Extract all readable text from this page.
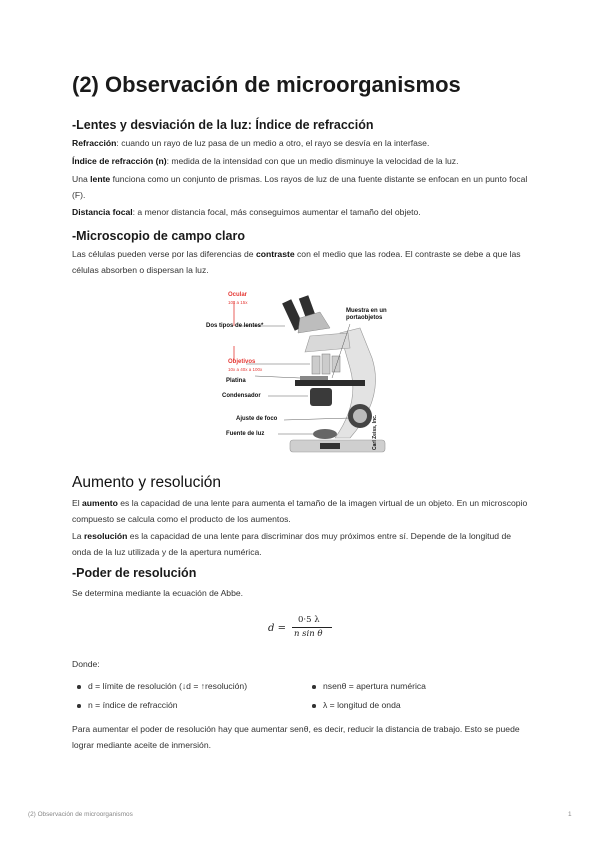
(2) Observación de microorganismos
-Lentes y desviación de la luz: Índice de refracción

Refracción: cuando un rayo de luz pasa de un medio a otro, el rayo se desvía en la interfase.

Índice de refracción (n): medida de la intensidad con que un medio disminuye la velocidad de la luz.

Una lente funciona como un conjunto de prismas. Los rayos de luz de una fuente distante se enfocan en un punto focal (F).

Distancia focal: a menor distancia focal, más conseguimos aumentar el tamaño del objeto.

-Microscopio de campo claro

Las células pueden verse por las diferencias de contraste con el medio que las rodea. El contraste se debe a que las células absorben o dispersan la luz.

Ocular
10x a 15x
Dos tipos de lentes*
Objetivos
10x a 40x a 100x
Muestra en un portaobjetos
Platina
Condensador
Ajuste de foco
Fuente de luz	Carl Zeiss, Inc.
Aumento y resolución

El aumento es la capacidad de una lente para aumenta el tamaño de la imagen virtual de un objeto. En un microscopio compuesto se calcula como el producto de los aumentos.

La resolución es la capacidad de una lente para discriminar dos muy próximos entre sí. Depende de la longitud de onda de la luz utilizada y de la apertura numérica.

-Poder de resolución

Se determina mediante la ecuación de Abbe.

d =
0·5 λ
n sin θ

Donde:

d = límite de resolución (↓d = ↑resolución)	nsenθ = apertura numérica
n = índice de refracción	λ = longitud de onda

Para aumentar el poder de resolución hay que aumentar senθ, es decir, reducir la distancia de trabajo. Esto se puede lograr mediante aceite de inmersión.

(2) Observación de microorganismos	1
